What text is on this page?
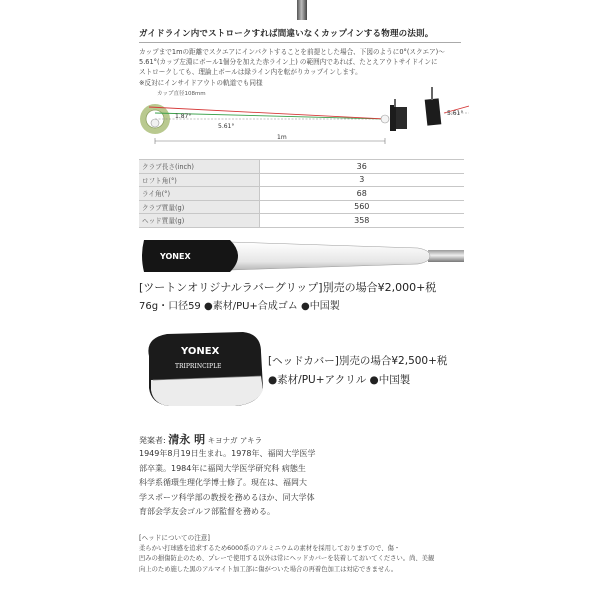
ガイドライン内でストロークすれば間違いなくカップインする物理の法則。
カップまで1mの距離でスクエアにインパクトすることを前提とした場合、下図のように0°(スクエア)〜
5.61°(カップ左淵にボール1個分を加えた赤ライン上) の範囲内であれば、たとえアウトサイドインに
ストロークしても、理論上ボールは緑ライン内を転がりカップインします。
※反対にインサイドアウトの軌道でも同様
カップ直径108mm
1.87°
5.61°
1m
5.61°
クラブ長さ(inch)	36
ロフト角(°)	3
ライ角(°)	68
クラブ質量(g)	560
ヘッド質量(g)	358
YONEX
[ツートンオリジナルラバーグリップ]別売の場合¥2,000+税
76g・口径59 ●素材/PU+合成ゴム ●中国製
YONEX
TRIPRINCIPLE	[ヘッドカバー]別売の場合¥2,500+税
●素材/PU+アクリル ●中国製
発案者: 清永 明 キヨナガ アキラ
1949年8月19日生まれ。1978年、福岡大学医学
部卒業。1984年に福岡大学医学研究科 病態生
科学系循環生理化学博士修了。現在は、福岡大
学スポーツ科学部の教授を務めるほか、同大学体
育部会学友会ゴルフ部監督を務める。
[ヘッドについての注意]
柔らかい打球感を追求するため6000系のアルミニウムの素材を採用しておりますので、傷・
凹みの損傷防止のため、プレーで使用する以外は常にヘッドカバーを装着しておいてください。尚、美観
向上のため施した黒のアルマイト加工部に傷がついた場合の再着色加工は対応できません。
